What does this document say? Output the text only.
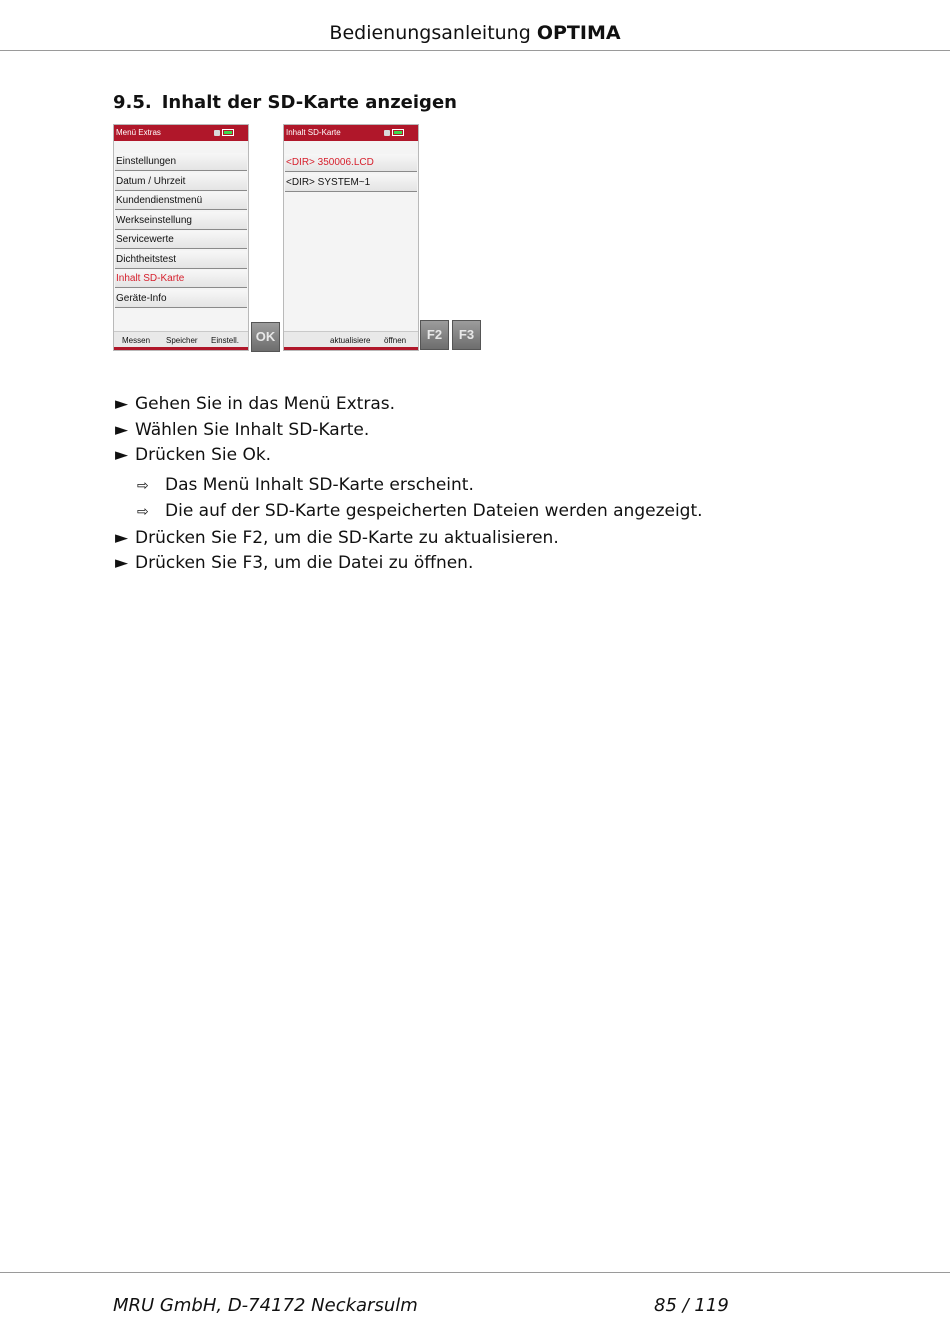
Bedienungsanleitung OPTIMA
9.5. Inhalt der SD-Karte anzeigen
Menü Extras
Einstellungen
Datum / Uhrzeit
Kundendienstmenü
Werkseinstellung
Servicewerte
Dichtheitstest
Inhalt SD-Karte
Geräte-Info
Messen Speicher Einstell.	OK
Inhalt SD-Karte
<DIR> 350006.LCD
<DIR> SYSTEM~1
aktualisiere öffnen	F2	F3
► Gehen Sie in das Menü Extras.
► Wählen Sie Inhalt SD-Karte.
► Drücken Sie Ok.
⇨ Das Menü Inhalt SD-Karte erscheint.
⇨ Die auf der SD-Karte gespeicherten Dateien werden angezeigt.
► Drücken Sie F2, um die SD-Karte zu aktualisieren.
► Drücken Sie F3, um die Datei zu öffnen.
MRU GmbH, D-74172 Neckarsulm	85 / 119
